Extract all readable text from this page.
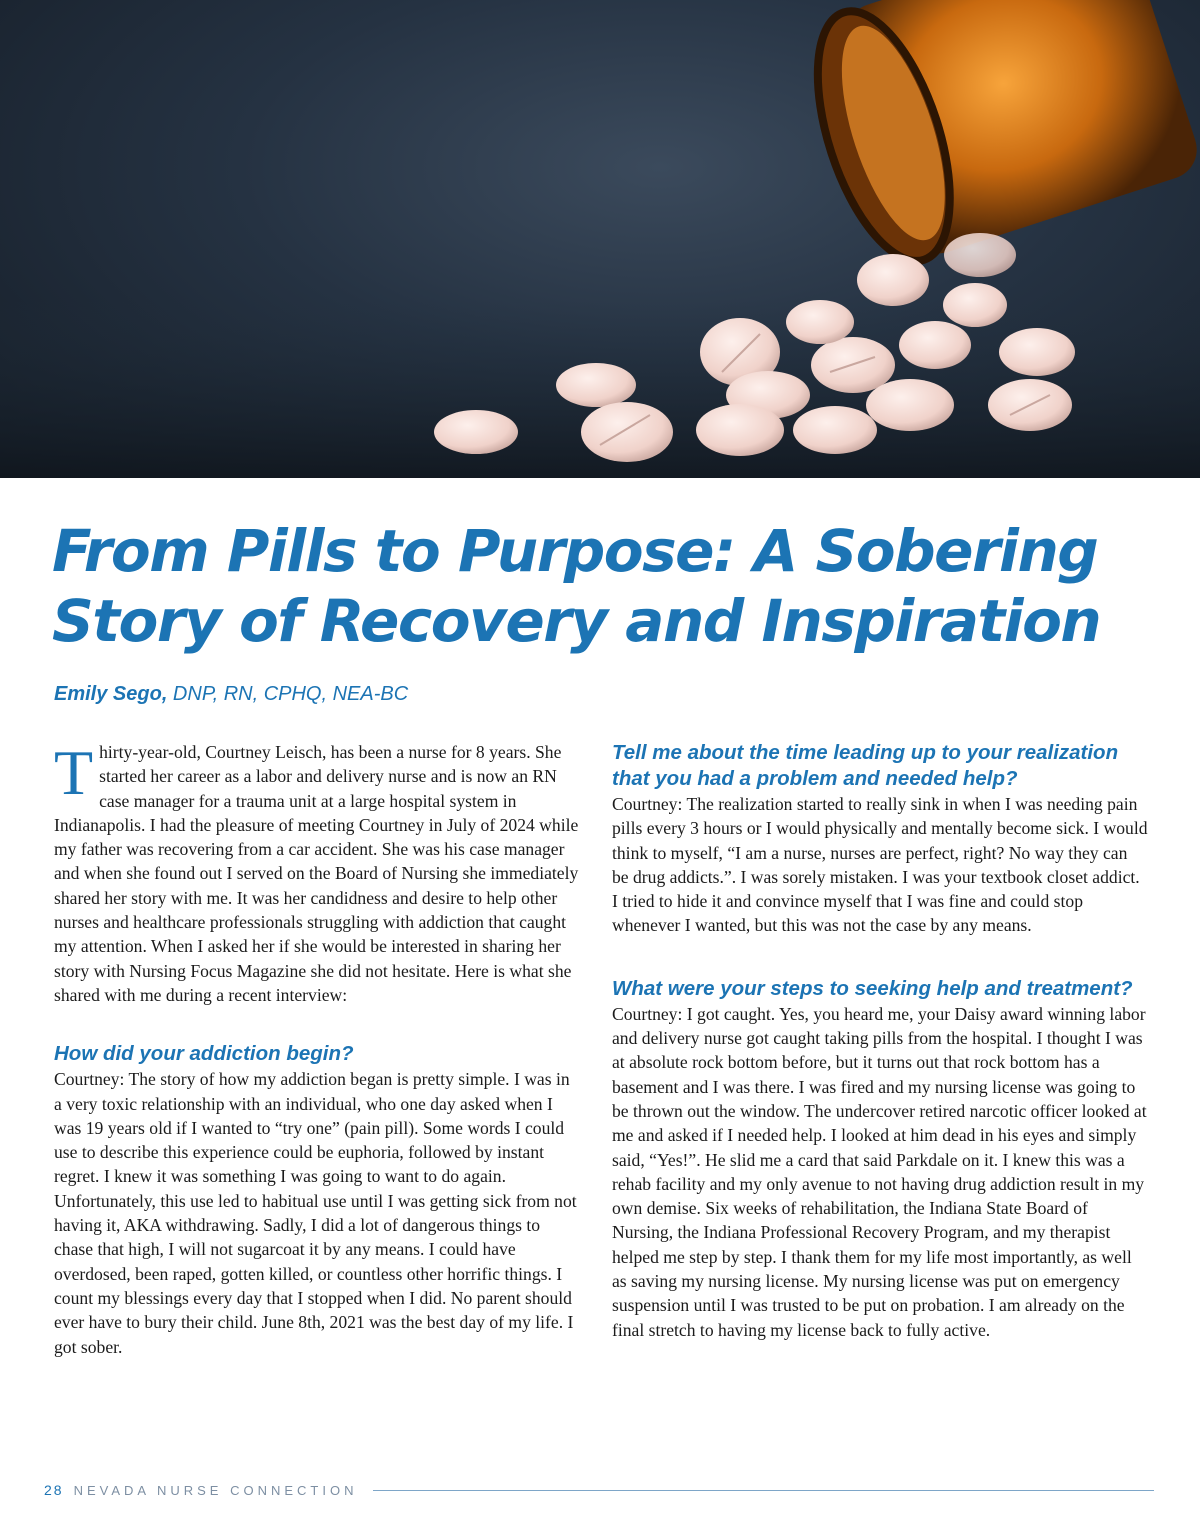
From Pills to Purpose: A Sobering Story of Recovery and Inspiration
Emily Sego, DNP, RN, CPHQ, NEA-BC

Thirty-year-old, Courtney Leisch, has been a nurse for 8 years. She started her career as a labor and delivery nurse and is now an RN case manager for a trauma unit at a large hospital system in Indianapolis. I had the pleasure of meeting Courtney in July of 2024 while my father was recovering from a car accident. She was his case manager and when she found out I served on the Board of Nursing she immediately shared her story with me. It was her candidness and desire to help other nurses and healthcare professionals struggling with addiction that caught my attention. When I asked her if she would be interested in sharing her story with Nursing Focus Magazine she did not hesitate. Here is what she shared with me during a recent interview:

How did your addiction begin?

Courtney: The story of how my addiction began is pretty simple. I was in a very toxic relationship with an individual, who one day asked when I was 19 years old if I wanted to “try one” (pain pill). Some words I could use to describe this experience could be euphoria, followed by instant regret. I knew it was something I was going to want to do again. Unfortunately, this use led to habitual use until I was getting sick from not having it, AKA withdrawing. Sadly, I did a lot of dangerous things to chase that high, I will not sugarcoat it by any means. I could have overdosed, been raped, gotten killed, or countless other horrific things. I count my blessings every day that I stopped when I did. No parent should ever have to bury their child. June 8th, 2021 was the best day of my life. I got sober.

Tell me about the time leading up to your realization that you had a problem and needed help?

Courtney: The realization started to really sink in when I was needing pain pills every 3 hours or I would physically and mentally become sick. I would think to myself, “I am a nurse, nurses are perfect, right? No way they can be drug addicts.”. I was sorely mistaken. I was your textbook closet addict. I tried to hide it and convince myself that I was fine and could stop whenever I wanted, but this was not the case by any means.

What were your steps to seeking help and treatment?

Courtney: I got caught. Yes, you heard me, your Daisy award winning labor and delivery nurse got caught taking pills from the hospital. I thought I was at absolute rock bottom before, but it turns out that rock bottom has a basement and I was there. I was fired and my nursing license was going to be thrown out the window. The undercover retired narcotic officer looked at me and asked if I needed help. I looked at him dead in his eyes and simply said, “Yes!”. He slid me a card that said Parkdale on it. I knew this was a rehab facility and my only avenue to not having drug addiction result in my own demise. Six weeks of rehabilitation, the Indiana State Board of Nursing, the Indiana Professional Recovery Program, and my therapist helped me step by step. I thank them for my life most importantly, as well as saving my nursing license. My nursing license was put on emergency suspension until I was trusted to be put on probation. I am already on the final stretch to having my license back to fully active.

28 NEVADA NURSE CONNECTION
